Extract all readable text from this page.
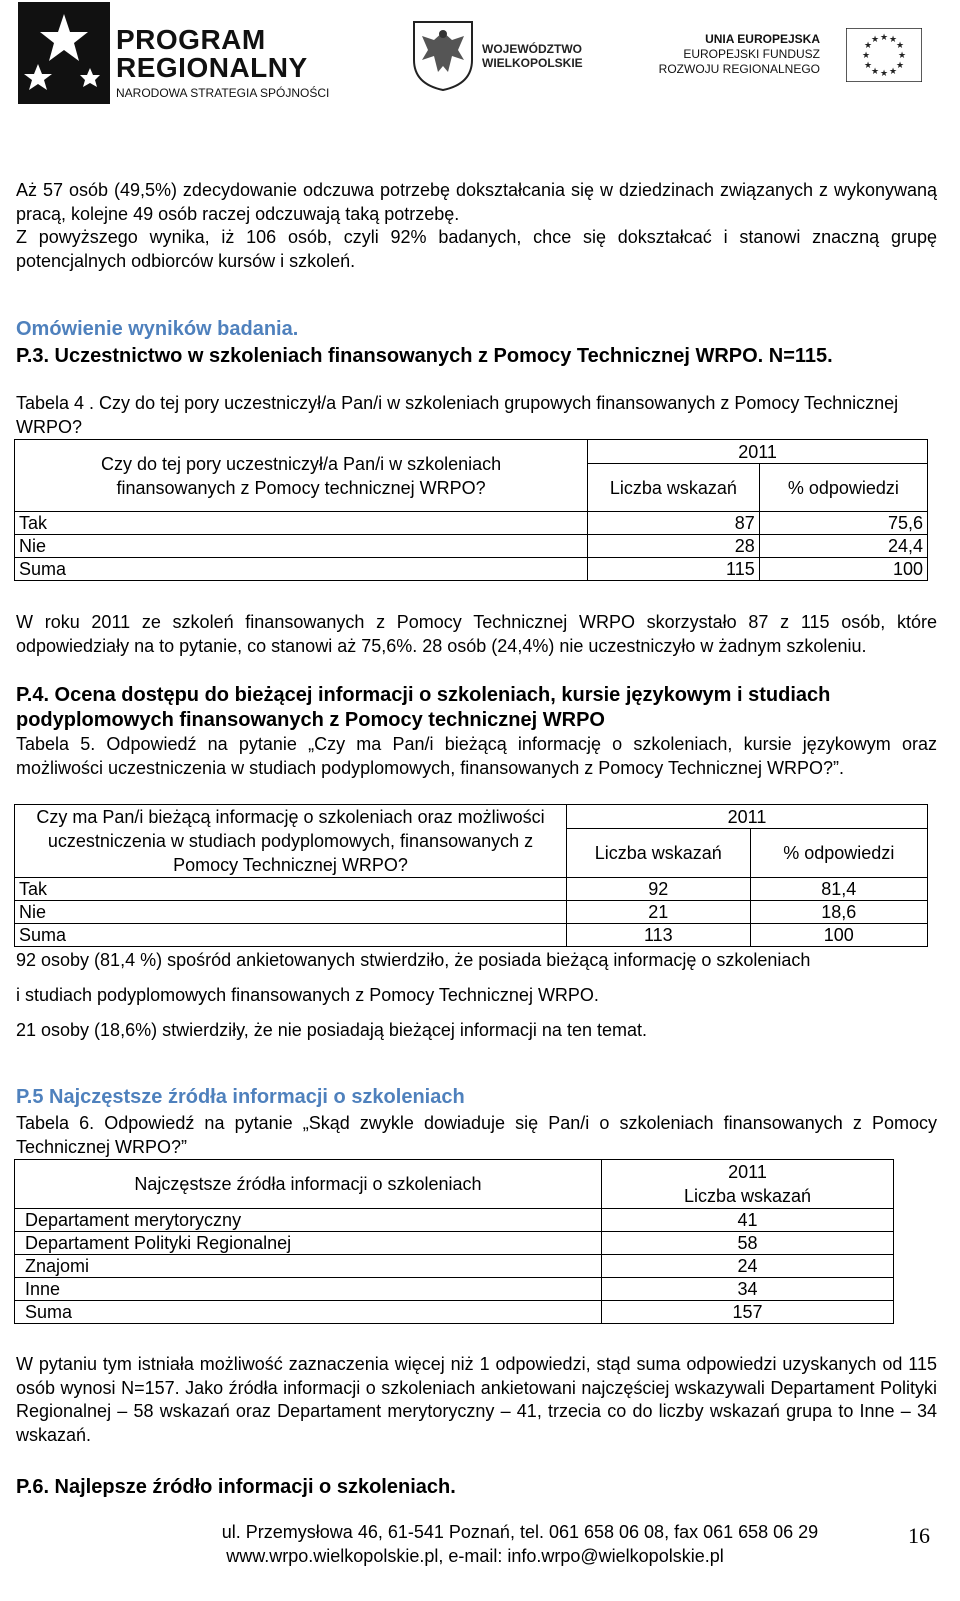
PROGRAM
REGIONALNY
NARODOWA STRATEGIA SPÓJNOŚCI
WOJEWÓDZTWO
WIELKOPOLSKIE
UNIA EUROPEJSKA
EUROPEJSKI FUNDUSZ
ROZWOJU REGIONALNEGO
★ ★
★
★
★
★
★
★
★
★
★
★
Aż 57 osób (49,5%) zdecydowanie odczuwa potrzebę dokształcania się w dziedzinach związanych z wykonywaną pracą, kolejne 49 osób raczej odczuwają taką potrzebę.
Z powyższego wynika, iż 106 osób, czyli 92% badanych, chce się dokształcać i stanowi znaczną grupę potencjalnych odbiorców kursów i szkoleń.
Omówienie wyników badania.
P.3. Uczestnictwo w szkoleniach finansowanych z Pomocy Technicznej WRPO. N=115.
Tabela 4 . Czy do tej pory uczestniczył/a Pan/i w szkoleniach grupowych finansowanych z Pomocy Technicznej WRPO?
Czy do tej pory uczestniczył/a Pan/i w szkoleniach finansowanych z Pomocy technicznej WRPO?	2011	
	Liczba wskazań	% odpowiedzi
Tak	87	75,6
Nie	28	24,4
Suma	115	100
W roku 2011 ze szkoleń finansowanych z Pomocy Technicznej WRPO skorzystało 87 z 115 osób, które odpowiedziały na to pytanie, co stanowi aż 75,6%. 28 osób (24,4%) nie uczestniczyło w żadnym szkoleniu.
P.4. Ocena dostępu do bieżącej informacji o szkoleniach, kursie językowym i studiach podyplomowych finansowanych z Pomocy technicznej WRPO
Tabela 5. Odpowiedź na pytanie „Czy ma Pan/i bieżącą informację o szkoleniach, kursie językowym oraz możliwości uczestniczenia w studiach podyplomowych, finansowanych z Pomocy Technicznej WRPO?”.
Czy ma Pan/i bieżącą informację o szkoleniach oraz możliwości uczestniczenia w studiach podyplomowych, finansowanych z Pomocy Technicznej WRPO?	2011	
	Liczba wskazań	% odpowiedzi
Tak	92	81,4
Nie	21	18,6
Suma	113	100
92 osoby (81,4 %) spośród ankietowanych stwierdziło, że posiada bieżącą informację o szkoleniach
i studiach podyplomowych finansowanych z Pomocy Technicznej WRPO.
21 osoby (18,6%) stwierdziły, że nie posiadają bieżącej informacji na ten temat.
P.5 Najczęstsze źródła informacji o szkoleniach
Tabela 6. Odpowiedź na pytanie „Skąd zwykle dowiaduje się Pan/i o szkoleniach finansowanych z Pomocy Technicznej WRPO?”
Najczęstsze źródła informacji o szkoleniach	2011
Liczba wskazań

Departament merytoryczny	41
Departament Polityki Regionalnej	58
Znajomi	24
Inne	34
Suma	157
W pytaniu tym istniała możliwość zaznaczenia więcej niż 1 odpowiedzi, stąd suma odpowiedzi uzyskanych od 115 osób wynosi N=157. Jako źródła informacji o szkoleniach ankietowani najczęściej wskazywali Departament Polityki Regionalnej – 58 wskazań oraz Departament merytoryczny – 41, trzecia co do liczby wskazań grupa to Inne – 34 wskazań.
P.6. Najlepsze źródło informacji o szkoleniach.
ul. Przemysłowa 46, 61-541 Poznań, tel. 061 658 06 08, fax 061 658 06 29
www.wrpo.wielkopolskie.pl, e-mail: info.wrpo@wielkopolskie.pl
16
